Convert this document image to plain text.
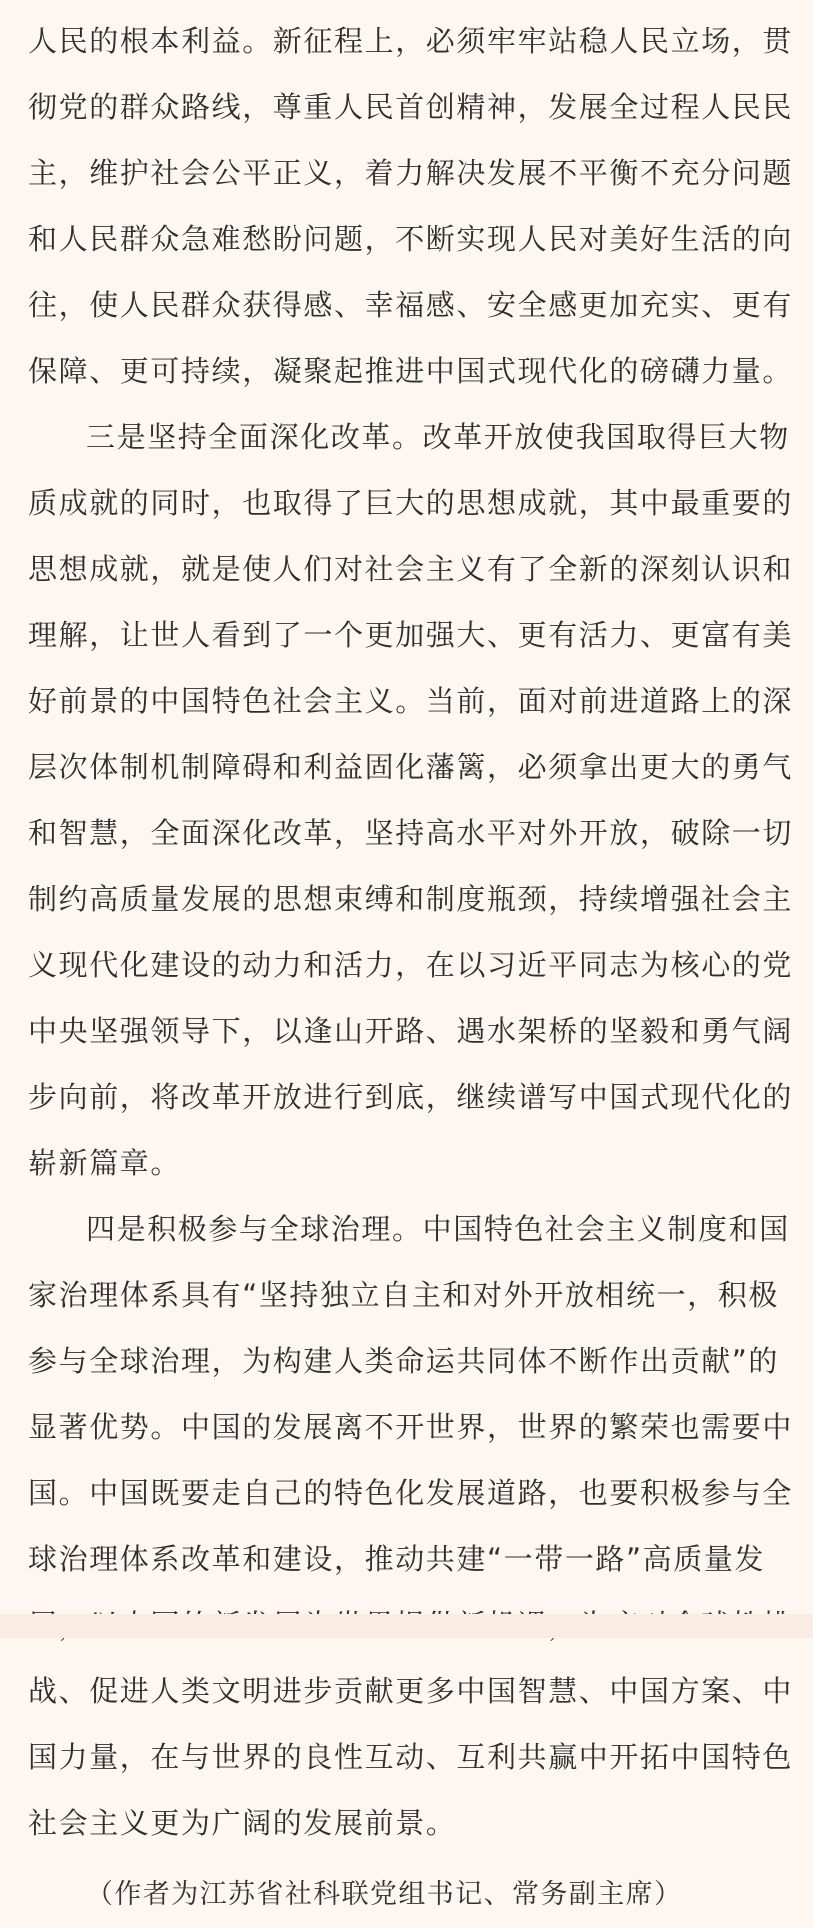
人民的根本利益。新征程上，必须牢牢站稳人民立场，贯
彻党的群众路线，尊重人民首创精神，发展全过程人民民
主，维护社会公平正义，着力解决发展不平衡不充分问题
和人民群众急难愁盼问题，不断实现人民对美好生活的向
往，使人民群众获得感、幸福感、安全感更加充实、更有
保障、更可持续，凝聚起推进中国式现代化的磅礴力量。
三是坚持全面深化改革。改革开放使我国取得巨大物
质成就的同时，也取得了巨大的思想成就，其中最重要的
思想成就，就是使人们对社会主义有了全新的深刻认识和
理解，让世人看到了一个更加强大、更有活力、更富有美
好前景的中国特色社会主义。当前，面对前进道路上的深
层次体制机制障碍和利益固化藩篱，必须拿出更大的勇气
和智慧，全面深化改革，坚持高水平对外开放，破除一切
制约高质量发展的思想束缚和制度瓶颈，持续增强社会主
义现代化建设的动力和活力，在以习近平同志为核心的党
中央坚强领导下，以逢山开路、遇水架桥的坚毅和勇气阔
步向前，将改革开放进行到底，继续谱写中国式现代化的
崭新篇章。
四是积极参与全球治理。中国特色社会主义制度和国
家治理体系具有“坚持独立自主和对外开放相统一，积极
参与全球治理，为构建人类命运共同体不断作出贡献”的
显著优势。中国的发展离不开世界，世界的繁荣也需要中
国。中国既要走自己的特色化发展道路，也要积极参与全
球治理体系改革和建设，推动共建“一带一路”高质量发
战、促进人类文明进步贡献更多中国智慧、中国方案、中
国力量，在与世界的良性互动、互利共赢中开拓中国特色
社会主义更为广阔的发展前景。
（作者为江苏省社科联党组书记、常务副主席）
